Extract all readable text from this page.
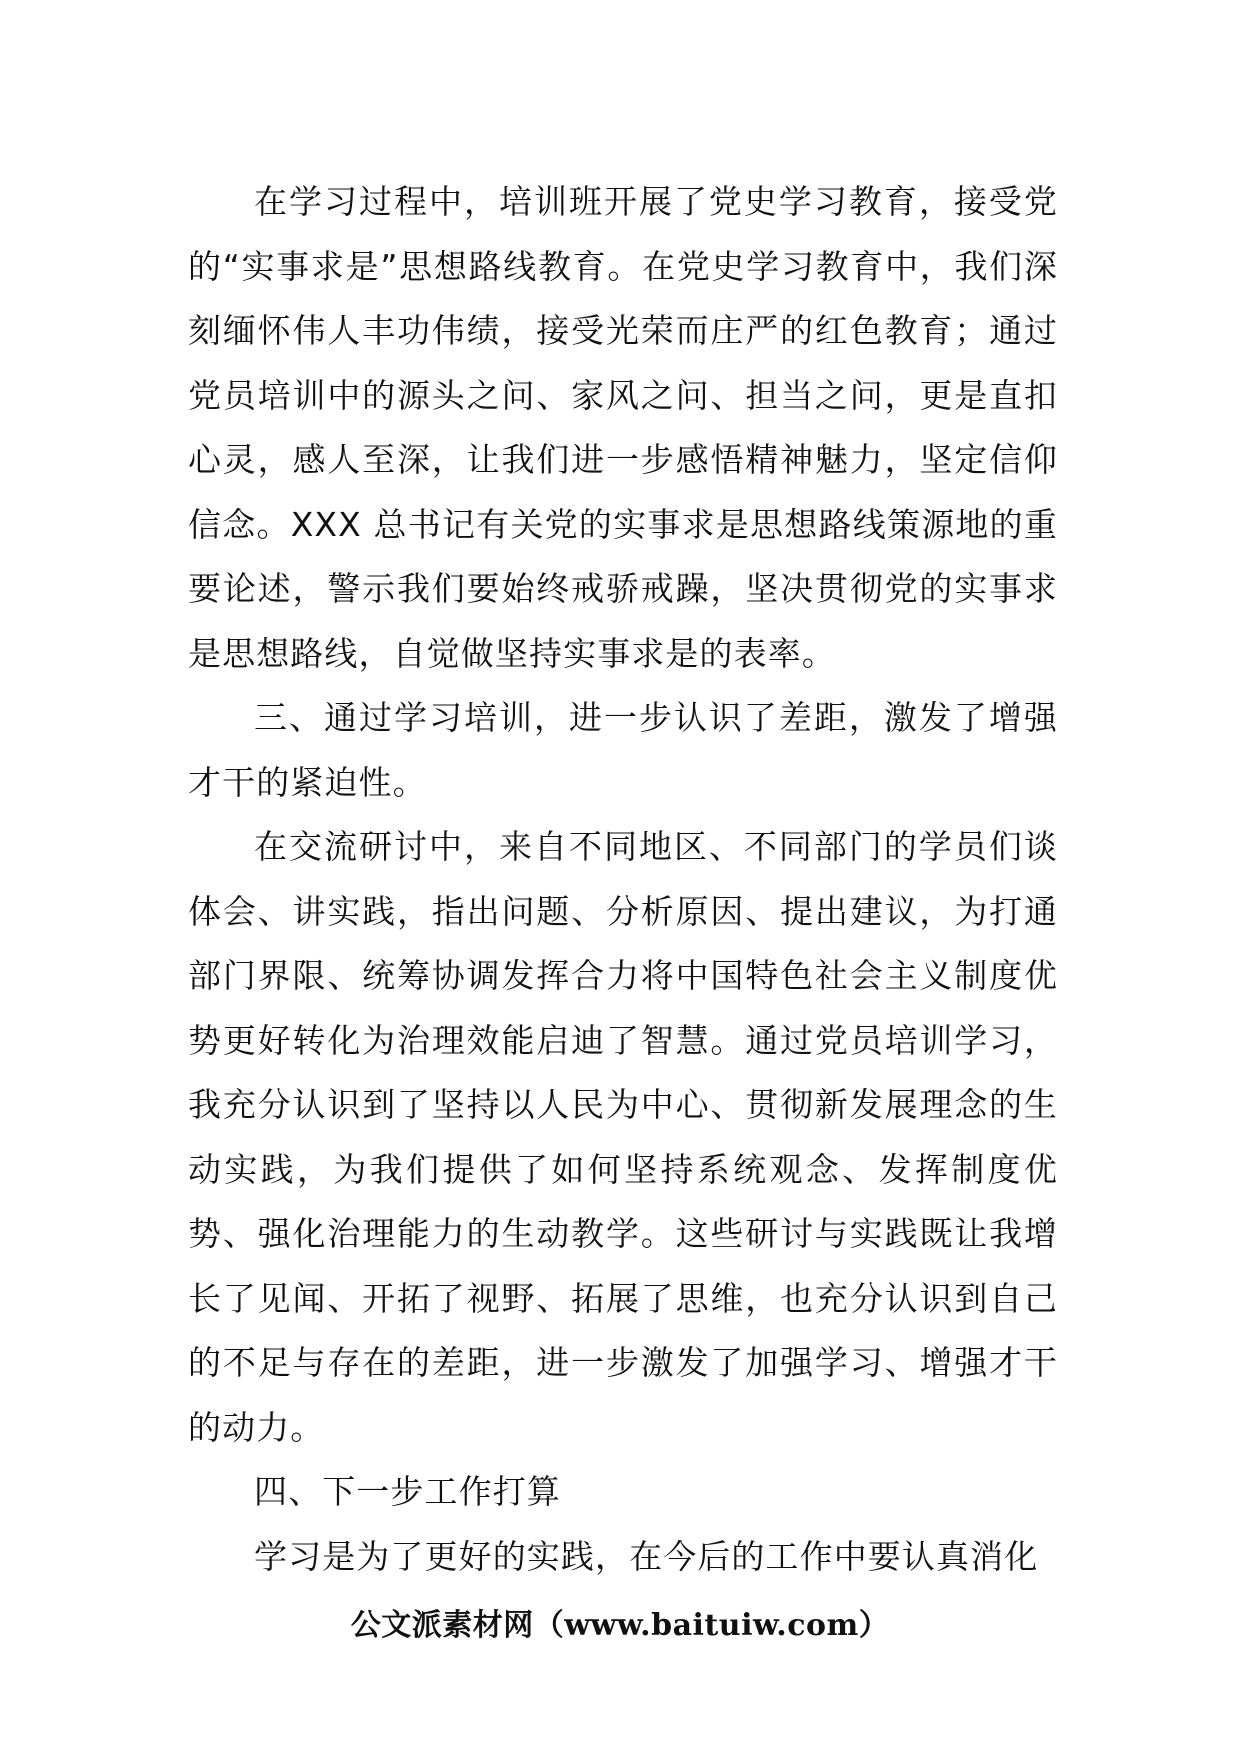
在学习过程中，培训班开展了党史学习教育，接受党的“实事求是”思想路线教育。在党史学习教育中，我们深刻缅怀伟人丰功伟绩，接受光荣而庄严的红色教育；通过党员培训中的源头之问、家风之问、担当之问，更是直扣心灵，感人至深，让我们进一步感悟精神魅力，坚定信仰信念。XXX 总书记有关党的实事求是思想路线策源地的重要论述，警示我们要始终戒骄戒躁，坚决贯彻党的实事求是思想路线，自觉做坚持实事求是的表率。

三、通过学习培训，进一步认识了差距，激发了增强才干的紧迫性。

在交流研讨中，来自不同地区、不同部门的学员们谈体会、讲实践，指出问题、分析原因、提出建议，为打通部门界限、统筹协调发挥合力将中国特色社会主义制度优势更好转化为治理效能启迪了智慧。通过党员培训学习，我充分认识到了坚持以人民为中心、贯彻新发展理念的生动实践，为我们提供了如何坚持系统观念、发挥制度优势、强化治理能力的生动教学。这些研讨与实践既让我增长了见闻、开拓了视野、拓展了思维，也充分认识到自己的不足与存在的差距，进一步激发了加强学习、增强才干的动力。

四、下一步工作打算

学习是为了更好的实践，在今后的工作中要认真消化

公文派素材网（www.baituiw.com）
